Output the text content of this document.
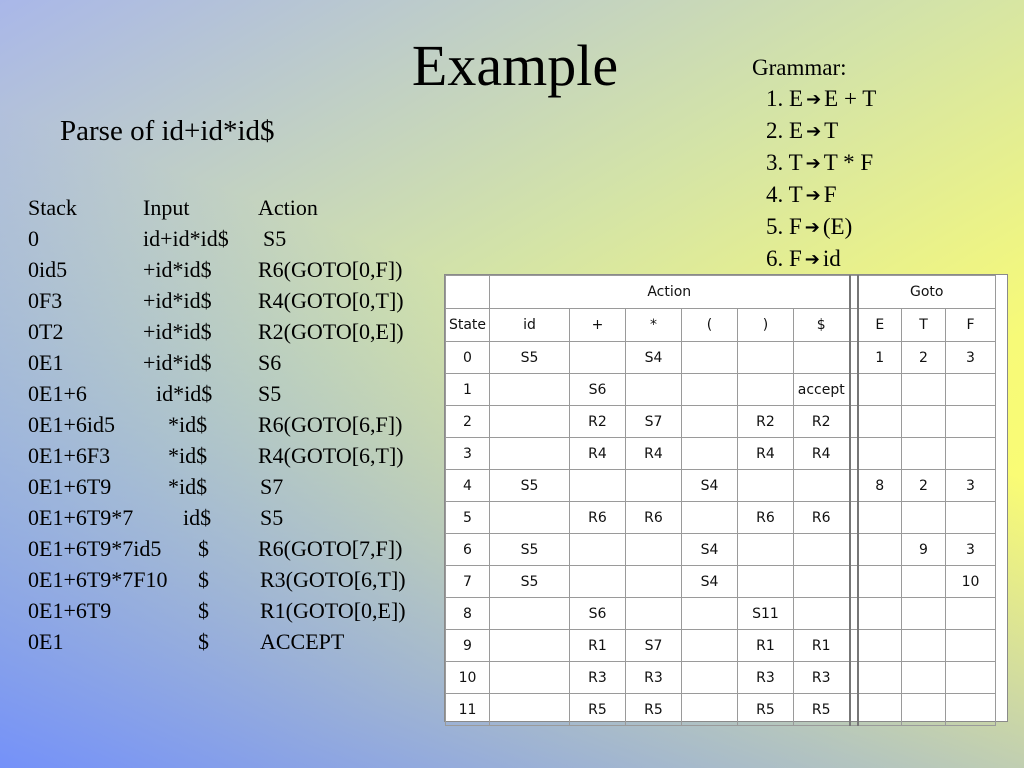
Example
Parse of id+id*id$
Grammar:
1. E ➔ E + T
2. E ➔ T
3. T ➔ T * F
4. T ➔ F
5. F ➔ (E)
6. F ➔ id
Stack	Input	Action
0	id+id*id$ S5
0id5	+id*id$ R6(GOTO[0,F])
0F3	+id*id$ R4(GOTO[0,T])
0T2	+id*id$ R2(GOTO[0,E])
0E1	+id*id$ S6
0E1+6	id*id$ S5
0E1+6id5 *id$ R6(GOTO[6,F])
0E1+6F3	*id$ R4(GOTO[6,T])
0E1+6T9	*id$ S7
0E1+6T9*7 id$ S5
0E1+6T9*7id5 $ R6(GOTO[7,F])
0E1+6T9*7F10 $ R3(GOTO[6,T])
0E1+6T9	$ R1(GOTO[0,E])
0E1	$ ACCEPT
	Action							Goto		
State	id	+	*	(	)	$		E	T	F
0	S5		S4					1	2	3
1		S6				accept				
2		R2	S7		R2	R2				
3		R4	R4		R4	R4				
4	S5			S4				8	2	3
5		R6	R6		R6	R6				
6	S5			S4					9	3
7	S5			S4						10
8		S6			S11					
9		R1	S7		R1	R1				
10		R3	R3		R3	R3				
11		R5	R5		R5	R5				
